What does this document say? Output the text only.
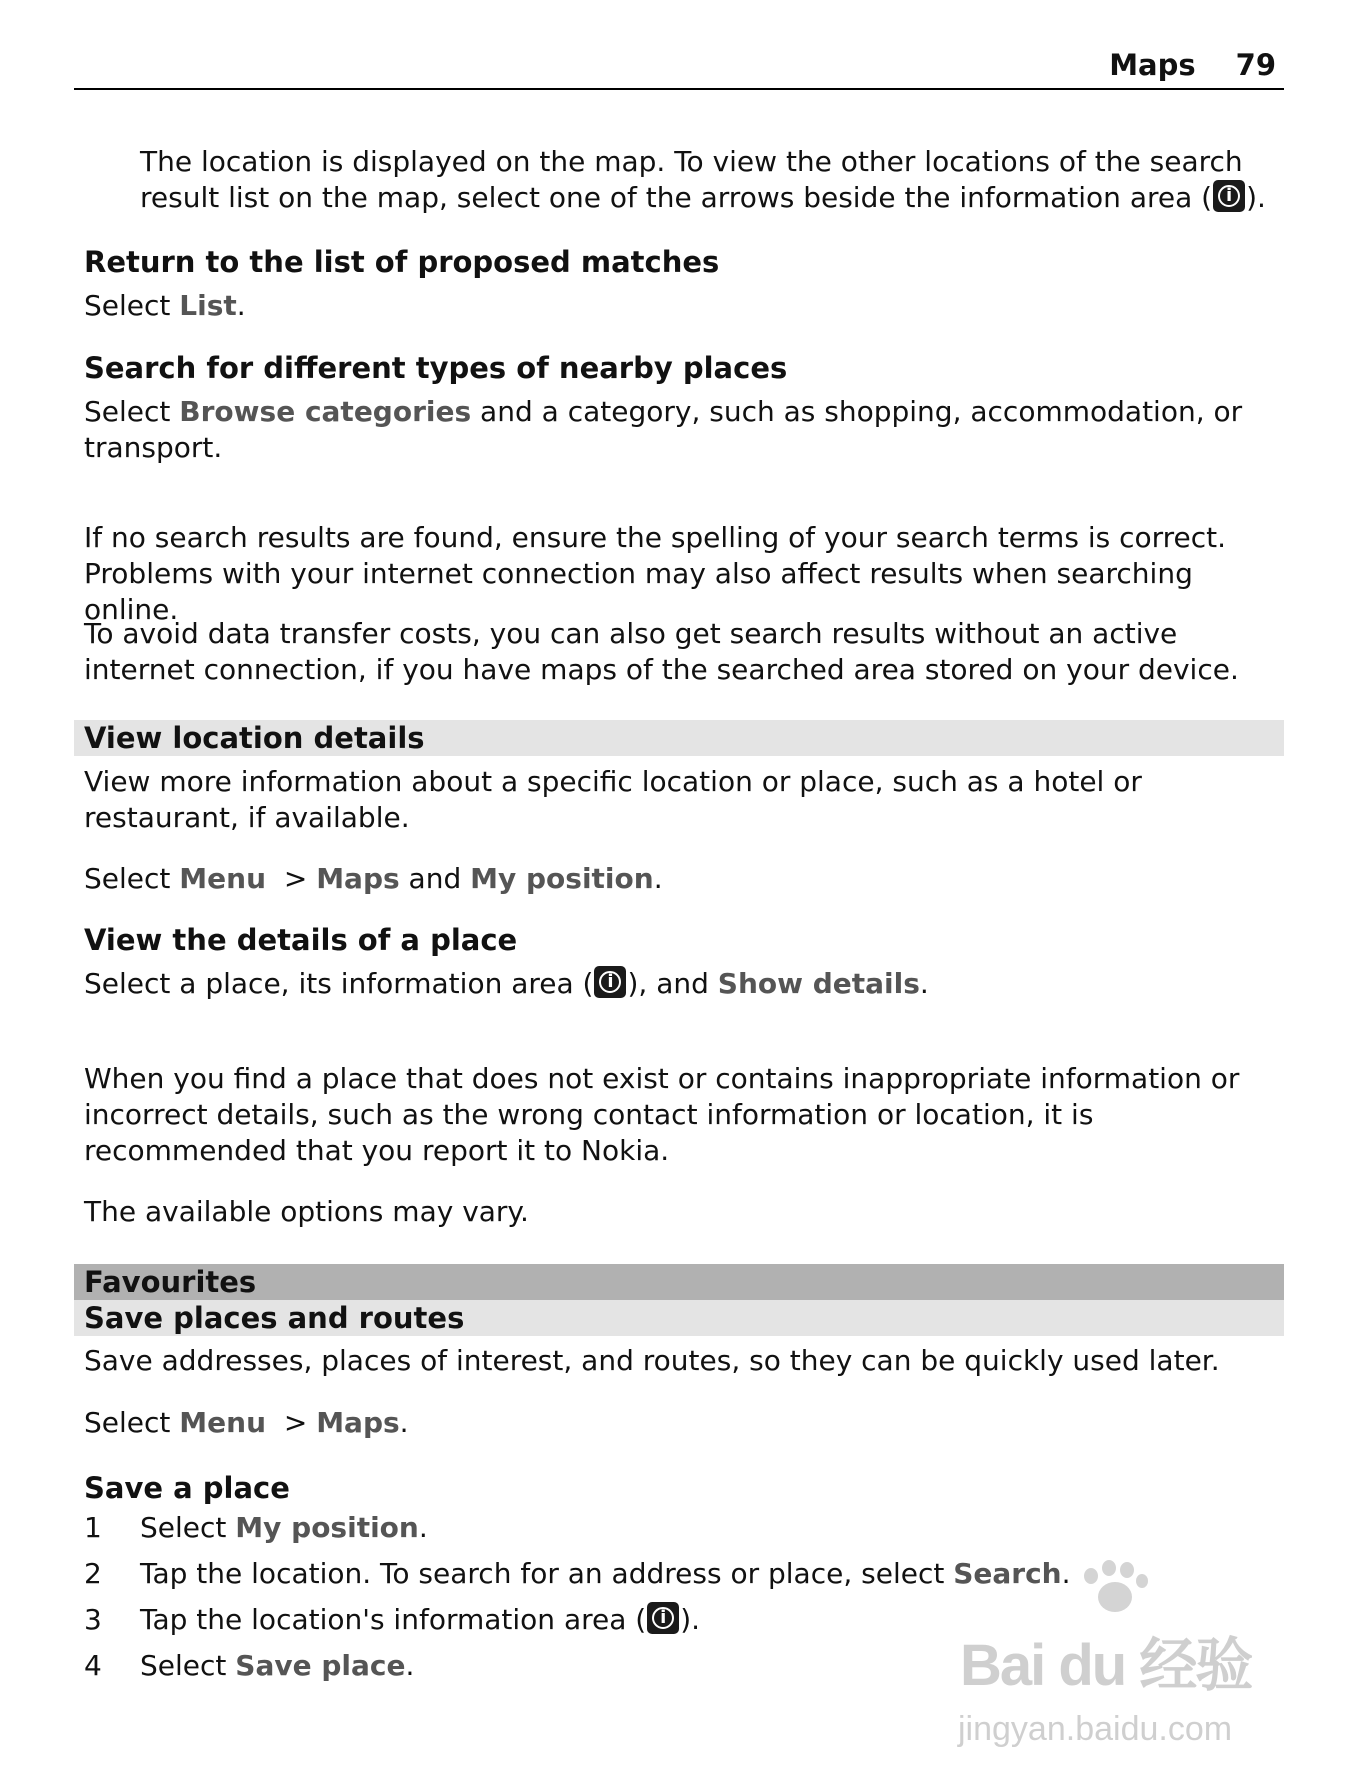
Maps 79

The location is displayed on the map. To view the other locations of the search result list on the map, select one of the arrows beside the information area ( i ).

Return to the list of proposed matches

Select List.

Search for different types of nearby places

Select Browse categories and a category, such as shopping, accommodation, or transport.

If no search results are found, ensure the spelling of your search terms is correct. Problems with your internet connection may also affect results when searching online.

To avoid data transfer costs, you can also get search results without an active internet connection, if you have maps of the searched area stored on your device.

View location details

View more information about a specific location or place, such as a hotel or restaurant, if available.

Select Menu  > Maps and My position.

View the details of a place

Select a place, its information area ( i ), and Show details.

When you find a place that does not exist or contains inappropriate information or incorrect details, such as the wrong contact information or location, it is recommended that you report it to Nokia.

The available options may vary.

Favourites
Save places and routes

Save addresses, places of interest, and routes, so they can be quickly used later.

Select Menu  > Maps.

Save a place
1 Select My position.
2 Tap the location. To search for an address or place, select Search.
3 Tap the location's information area ( i ).
4 Select Save place.	Bai du 经验
jingyan.baidu.com
